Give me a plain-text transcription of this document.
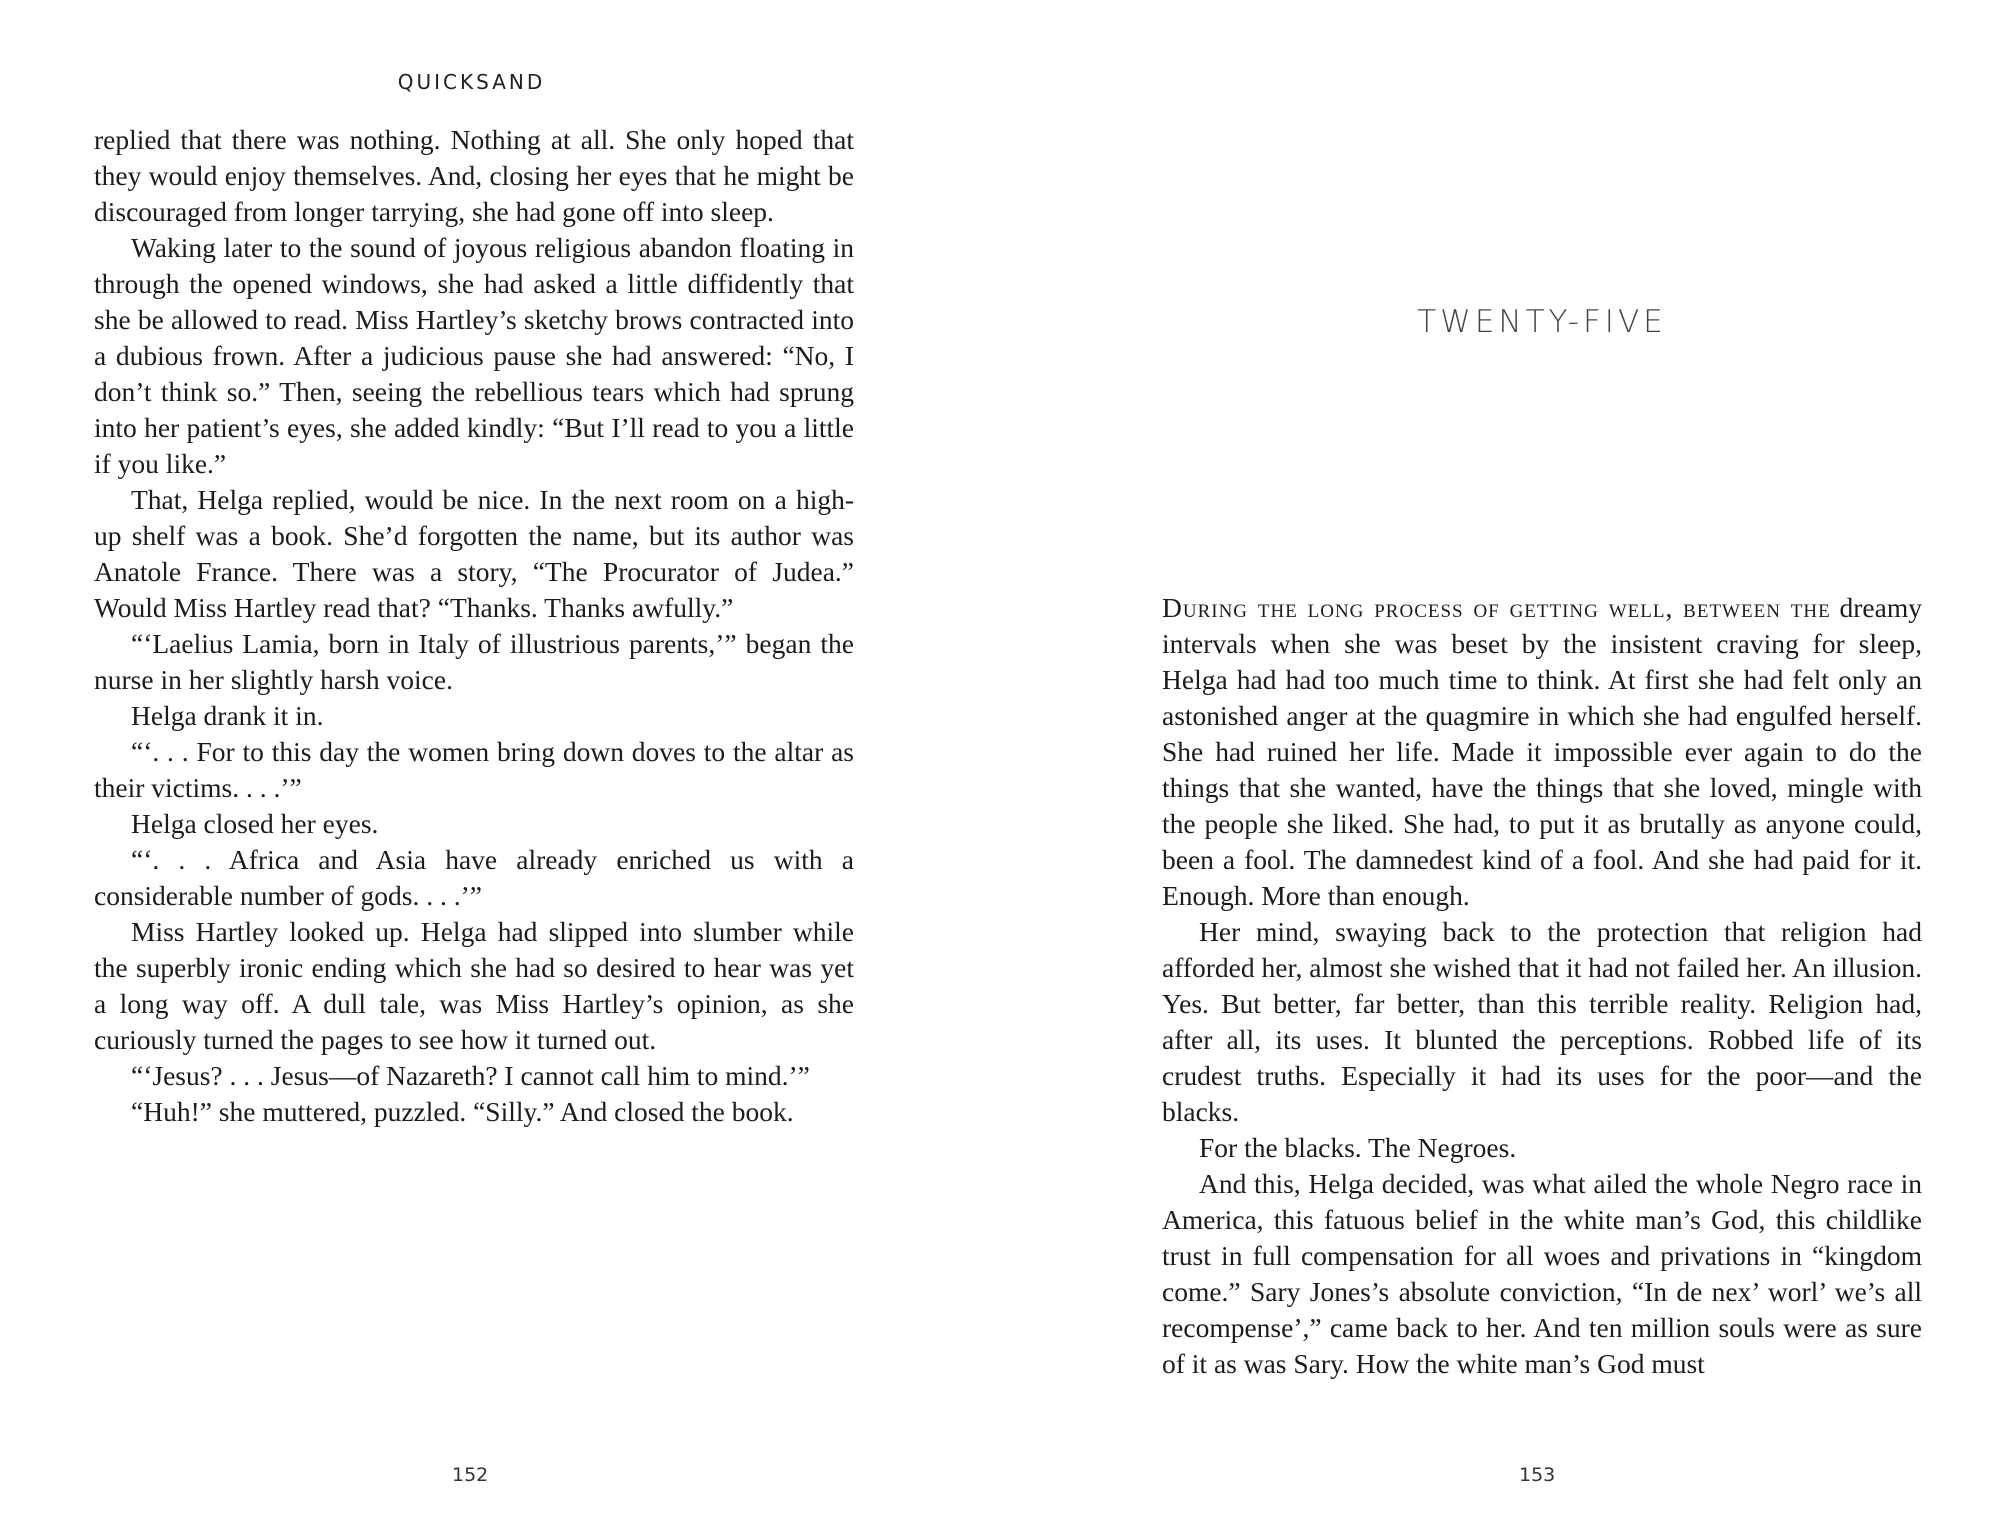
QUICKSAND

replied that there was nothing. Nothing at all. She only hoped that they would enjoy themselves. And, closing her eyes that he might be discouraged from longer tarrying, she had gone off into sleep.

Waking later to the sound of joyous religious abandon floating in through the opened windows, she had asked a little diffidently that she be allowed to read. Miss Hartley’s sketchy brows contracted into a dubious frown. After a judicious pause she had answered: “No, I don’t think so.” Then, seeing the rebellious tears which had sprung into her patient’s eyes, she added kindly: “But I’ll read to you a little if you like.”

That, Helga replied, would be nice. In the next room on a high-up shelf was a book. She’d forgotten the name, but its author was Anatole France. There was a story, “The Procurator of Judea.” Would Miss Hartley read that? “Thanks. Thanks awfully.”

“‘Laelius Lamia, born in Italy of illustrious parents,’” began the nurse in her slightly harsh voice.

Helga drank it in.

“‘. . . For to this day the women bring down doves to the altar as their victims. . . .’”

Helga closed her eyes.

“‘. . . Africa and Asia have already enriched us with a considerable number of gods. . . .’”

Miss Hartley looked up. Helga had slipped into slumber while the superbly ironic ending which she had so desired to hear was yet a long way off. A dull tale, was Miss Hartley’s opinion, as she curiously turned the pages to see how it turned out.

“‘Jesus? . . . Jesus—of Nazareth? I cannot call him to mind.’”

“Huh!” she muttered, puzzled. “Silly.” And closed the book.

152
TWENTY-FIVE

During the long process of getting well, between the dreamy intervals when she was beset by the insistent craving for sleep, Helga had had too much time to think. At first she had felt only an astonished anger at the quagmire in which she had engulfed herself. She had ruined her life. Made it impossible ever again to do the things that she wanted, have the things that she loved, mingle with the people she liked. She had, to put it as brutally as anyone could, been a fool. The damnedest kind of a fool. And she had paid for it. Enough. More than enough.

Her mind, swaying back to the protection that religion had afforded her, almost she wished that it had not failed her. An illusion. Yes. But better, far better, than this terrible reality. Religion had, after all, its uses. It blunted the perceptions. Robbed life of its crudest truths. Especially it had its uses for the poor—and the blacks.

For the blacks. The Negroes.

And this, Helga decided, was what ailed the whole Negro race in America, this fatuous belief in the white man’s God, this childlike trust in full compensation for all woes and privations in “kingdom come.” Sary Jones’s absolute conviction, “In de nex’ worl’ we’s all recompense’,” came back to her. And ten million souls were as sure of it as was Sary. How the white man’s God must

153
